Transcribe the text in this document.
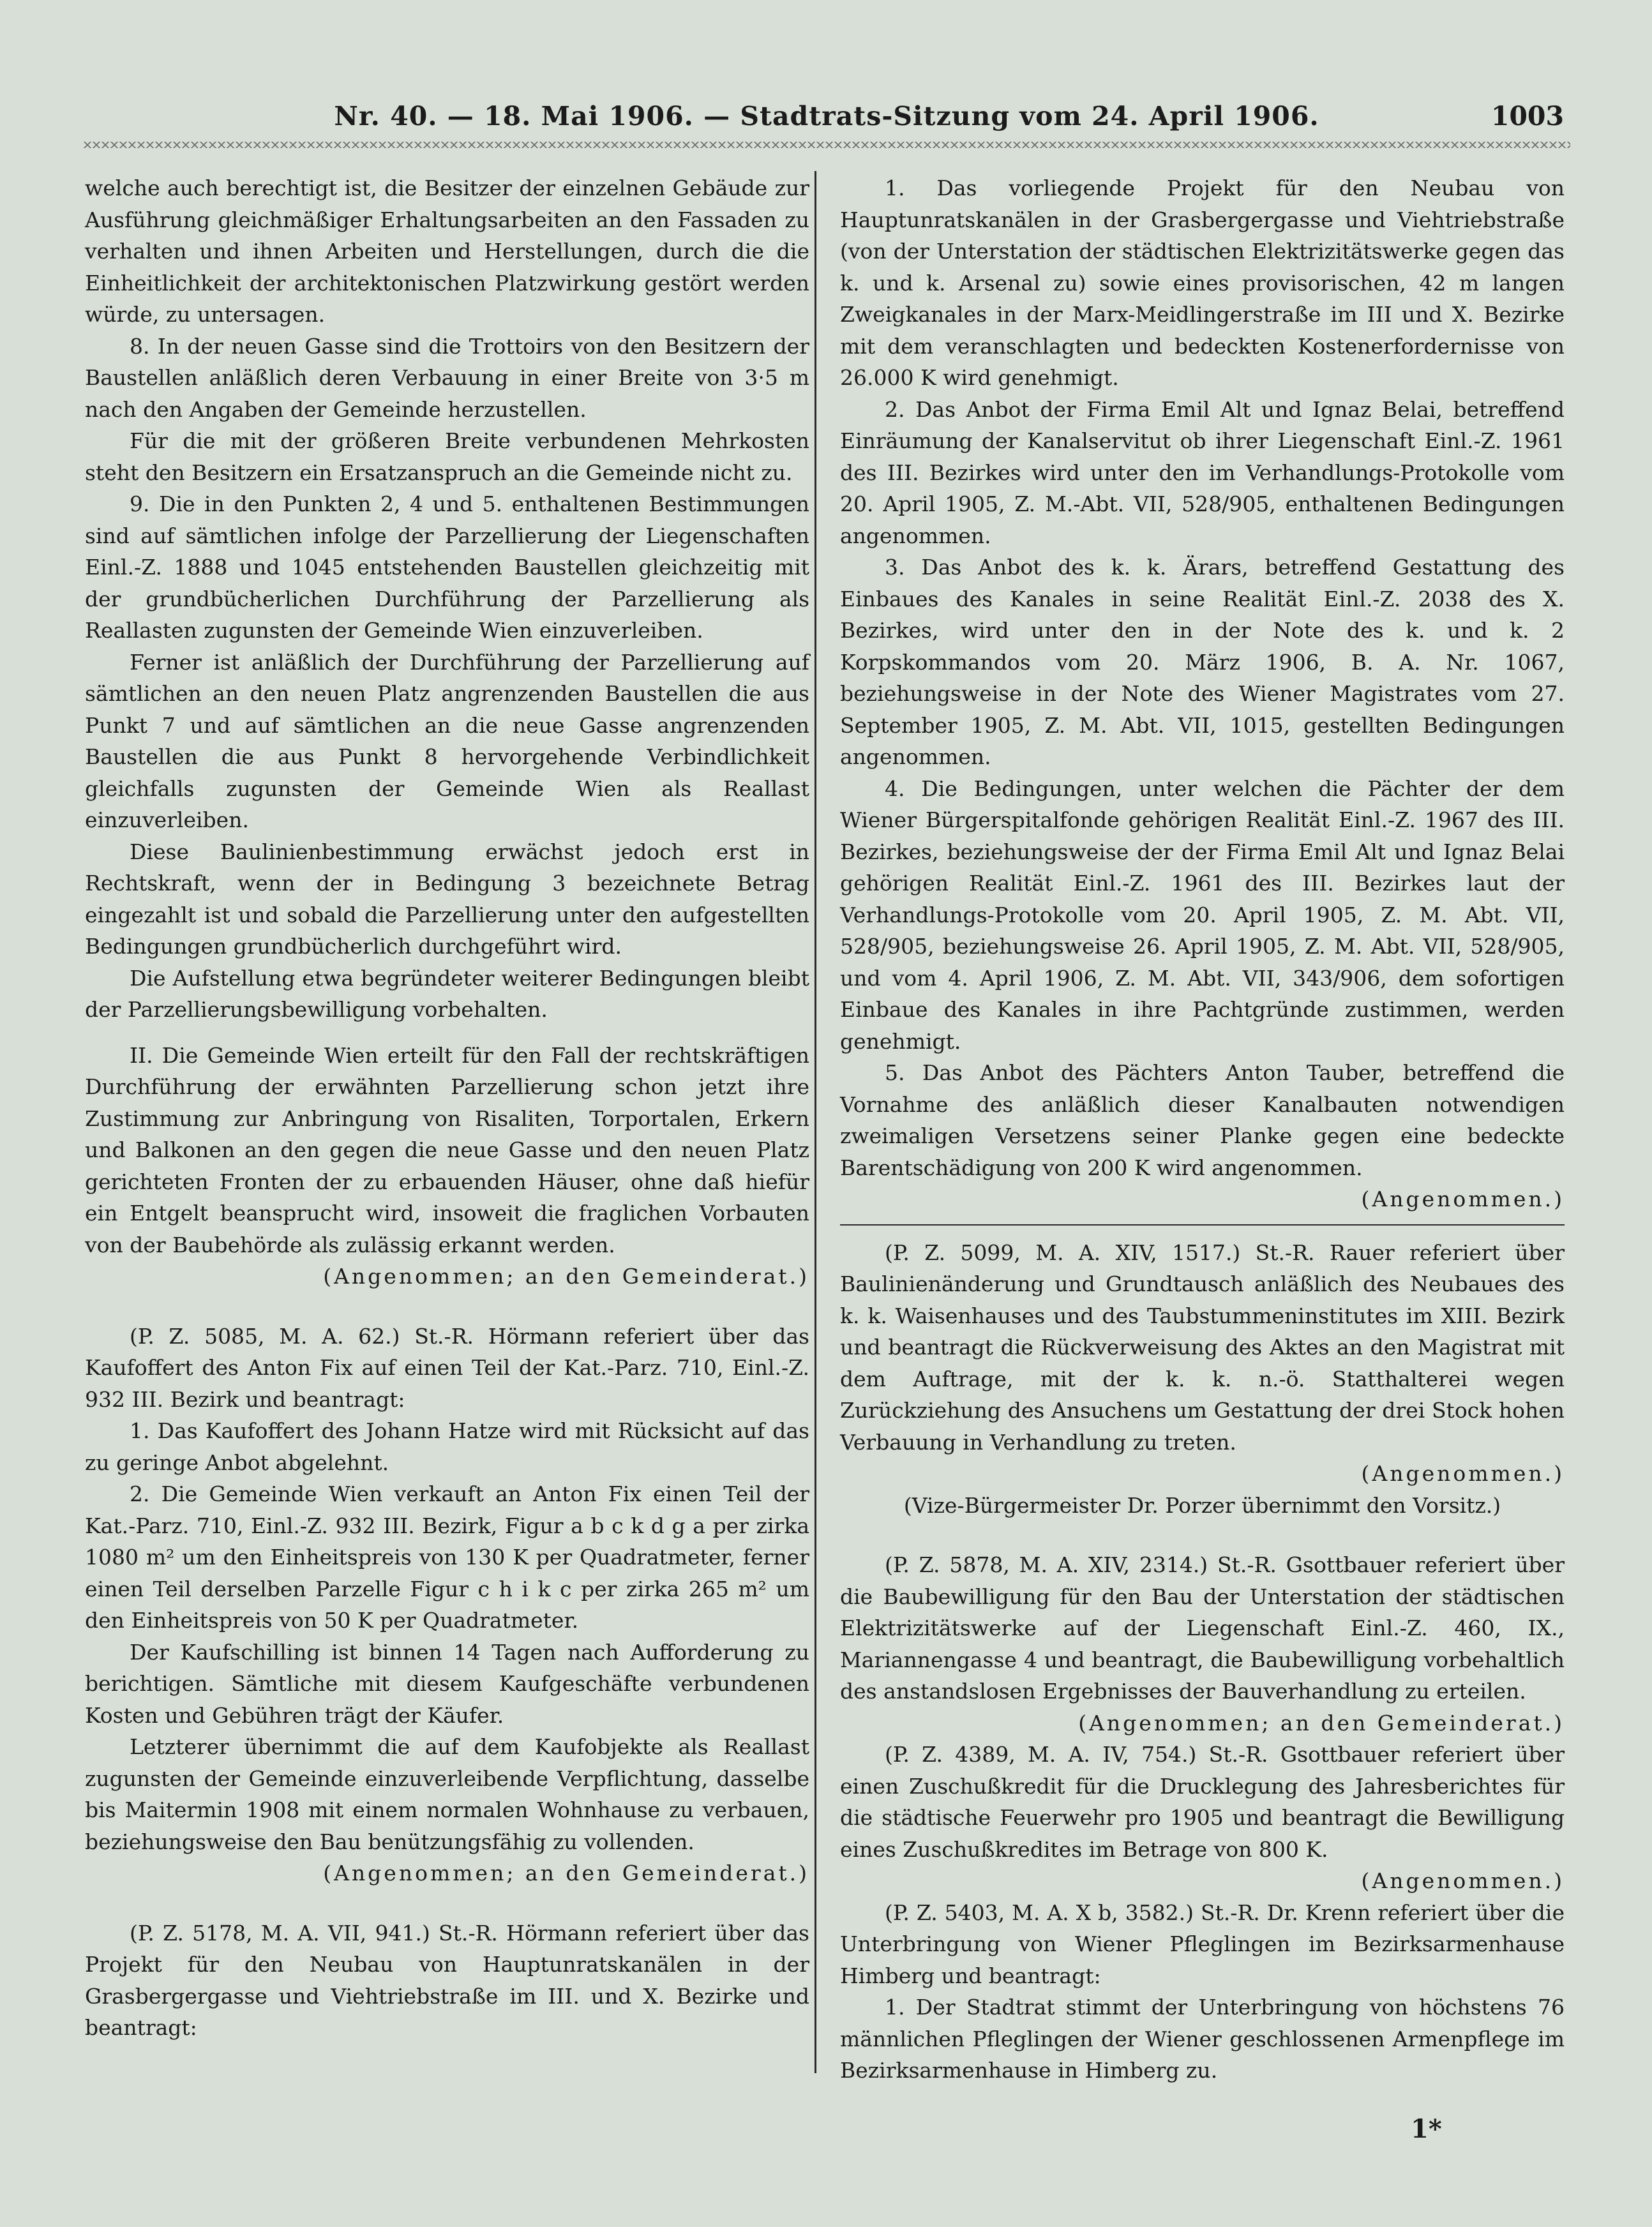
Nr. 40. — 18. Mai 1906. — Stadtrats-Sitzung vom 24. April 1906.	1003

welche auch berechtigt ist, die Besitzer der einzelnen Gebäude zur Ausführung gleichmäßiger Erhaltungsarbeiten an den Fassaden zu verhalten und ihnen Arbeiten und Herstellungen, durch die die Einheitlichkeit der architektonischen Platzwirkung gestört werden würde, zu untersagen.

8. In der neuen Gasse sind die Trottoirs von den Besitzern der Baustellen anläßlich deren Verbauung in einer Breite von 3·5 m nach den Angaben der Gemeinde herzustellen.

Für die mit der größeren Breite verbundenen Mehrkosten steht den Besitzern ein Ersatzanspruch an die Gemeinde nicht zu.

9. Die in den Punkten 2, 4 und 5. enthaltenen Bestimmungen sind auf sämtlichen infolge der Parzellierung der Liegenschaften Einl.-Z. 1888 und 1045 entstehenden Baustellen gleichzeitig mit der grundbücherlichen Durchführung der Parzellierung als Reallasten zugunsten der Gemeinde Wien einzuverleiben.

Ferner ist anläßlich der Durchführung der Parzellierung auf sämtlichen an den neuen Platz angrenzenden Baustellen die aus Punkt 7 und auf sämtlichen an die neue Gasse angrenzenden Baustellen die aus Punkt 8 hervorgehende Verbindlichkeit gleichfalls zugunsten der Gemeinde Wien als Reallast einzuverleiben.

Diese Baulinienbestimmung erwächst jedoch erst in Rechtskraft, wenn der in Bedingung 3 bezeichnete Betrag eingezahlt ist und sobald die Parzellierung unter den aufgestellten Bedingungen grundbücherlich durchgeführt wird.

Die Aufstellung etwa begründeter weiterer Bedingungen bleibt der Parzellierungsbewilligung vorbehalten.

II. Die Gemeinde Wien erteilt für den Fall der rechtskräftigen Durchführung der erwähnten Parzellierung schon jetzt ihre Zustimmung zur Anbringung von Risaliten, Torportalen, Erkern und Balkonen an den gegen die neue Gasse und den neuen Platz gerichteten Fronten der zu erbauenden Häuser, ohne daß hiefür ein Entgelt beansprucht wird, insoweit die fraglichen Vorbauten von der Baubehörde als zulässig erkannt werden.

(Angenommen; an den Gemeinderat.)

(P. Z. 5085, M. A. 62.) St.-R. Hörmann referiert über das Kaufoffert des Anton Fix auf einen Teil der Kat.-Parz. 710, Einl.-Z. 932 III. Bezirk und beantragt:

1. Das Kaufoffert des Johann Hatze wird mit Rücksicht auf das zu geringe Anbot abgelehnt.

2. Die Gemeinde Wien verkauft an Anton Fix einen Teil der Kat.-Parz. 710, Einl.-Z. 932 III. Bezirk, Figur a b c k d g a per zirka 1080 m² um den Einheitspreis von 130 K per Quadratmeter, ferner einen Teil derselben Parzelle Figur c h i k c per zirka 265 m² um den Einheitspreis von 50 K per Quadratmeter.

Der Kaufschilling ist binnen 14 Tagen nach Aufforderung zu berichtigen. Sämtliche mit diesem Kaufgeschäfte verbundenen Kosten und Gebühren trägt der Käufer.

Letzterer übernimmt die auf dem Kaufobjekte als Reallast zugunsten der Gemeinde einzuverleibende Verpflichtung, dasselbe bis Maitermin 1908 mit einem normalen Wohnhause zu verbauen, beziehungsweise den Bau benützungsfähig zu vollenden.

(Angenommen; an den Gemeinderat.)

(P. Z. 5178, M. A. VII, 941.) St.-R. Hörmann referiert über das Projekt für den Neubau von Hauptunratskanälen in der Grasbergergasse und Viehtriebstraße im III. und X. Bezirke und beantragt:

1. Das vorliegende Projekt für den Neubau von Hauptunratskanälen in der Grasbergergasse und Viehtriebstraße (von der Unterstation der städtischen Elektrizitätswerke gegen das k. und k. Arsenal zu) sowie eines provisorischen, 42 m langen Zweigkanales in der Marx-Meidlingerstraße im III und X. Bezirke mit dem veranschlagten und bedeckten Kostenerfordernisse von 26.000 K wird genehmigt.

2. Das Anbot der Firma Emil Alt und Ignaz Belai, betreffend Einräumung der Kanalservitut ob ihrer Liegenschaft Einl.-Z. 1961 des III. Bezirkes wird unter den im Verhandlungs-Protokolle vom 20. April 1905, Z. M.-Abt. VII, 528/905, enthaltenen Bedingungen angenommen.

3. Das Anbot des k. k. Ärars, betreffend Gestattung des Einbaues des Kanales in seine Realität Einl.-Z. 2038 des X. Bezirkes, wird unter den in der Note des k. und k. 2 Korpskommandos vom 20. März 1906, B. A. Nr. 1067, beziehungsweise in der Note des Wiener Magistrates vom 27. September 1905, Z. M. Abt. VII, 1015, gestellten Bedingungen angenommen.

4. Die Bedingungen, unter welchen die Pächter der dem Wiener Bürgerspitalfonde gehörigen Realität Einl.-Z. 1967 des III. Bezirkes, beziehungsweise der der Firma Emil Alt und Ignaz Belai gehörigen Realität Einl.-Z. 1961 des III. Bezirkes laut der Verhandlungs-Protokolle vom 20. April 1905, Z. M. Abt. VII, 528/905, beziehungsweise 26. April 1905, Z. M. Abt. VII, 528/905, und vom 4. April 1906, Z. M. Abt. VII, 343/906, dem sofortigen Einbaue des Kanales in ihre Pachtgründe zustimmen, werden genehmigt.

5. Das Anbot des Pächters Anton Tauber, betreffend die Vornahme des anläßlich dieser Kanalbauten notwendigen zweimaligen Versetzens seiner Planke gegen eine bedeckte Barentschädigung von 200 K wird angenommen.

(Angenommen.)

(P. Z. 5099, M. A. XIV, 1517.) St.-R. Rauer referiert über Baulinienänderung und Grundtausch anläßlich des Neubaues des k. k. Waisenhauses und des Taubstummeninstitutes im XIII. Bezirk und beantragt die Rückverweisung des Aktes an den Magistrat mit dem Auftrage, mit der k. k. n.-ö. Statthalterei wegen Zurückziehung des Ansuchens um Gestattung der drei Stock hohen Verbauung in Verhandlung zu treten.

(Angenommen.)

(Vize-Bürgermeister Dr. Porzer übernimmt den Vorsitz.)

(P. Z. 5878, M. A. XIV, 2314.) St.-R. Gsottbauer referiert über die Baubewilligung für den Bau der Unterstation der städtischen Elektrizitätswerke auf der Liegenschaft Einl.-Z. 460, IX., Mariannengasse 4 und beantragt, die Baubewilligung vorbehaltlich des anstandslosen Ergebnisses der Bauverhandlung zu erteilen.

(Angenommen; an den Gemeinderat.)

(P. Z. 4389, M. A. IV, 754.) St.-R. Gsottbauer referiert über einen Zuschußkredit für die Drucklegung des Jahresberichtes für die städtische Feuerwehr pro 1905 und beantragt die Bewilligung eines Zuschußkredites im Betrage von 800 K.

(Angenommen.)

(P. Z. 5403, M. A. X b, 3582.) St.-R. Dr. Krenn referiert über die Unterbringung von Wiener Pfleglingen im Bezirksarmenhause Himberg und beantragt:

1. Der Stadtrat stimmt der Unterbringung von höchstens 76 männlichen Pfleglingen der Wiener geschlossenen Armenpflege im Bezirksarmenhause in Himberg zu.

1*
